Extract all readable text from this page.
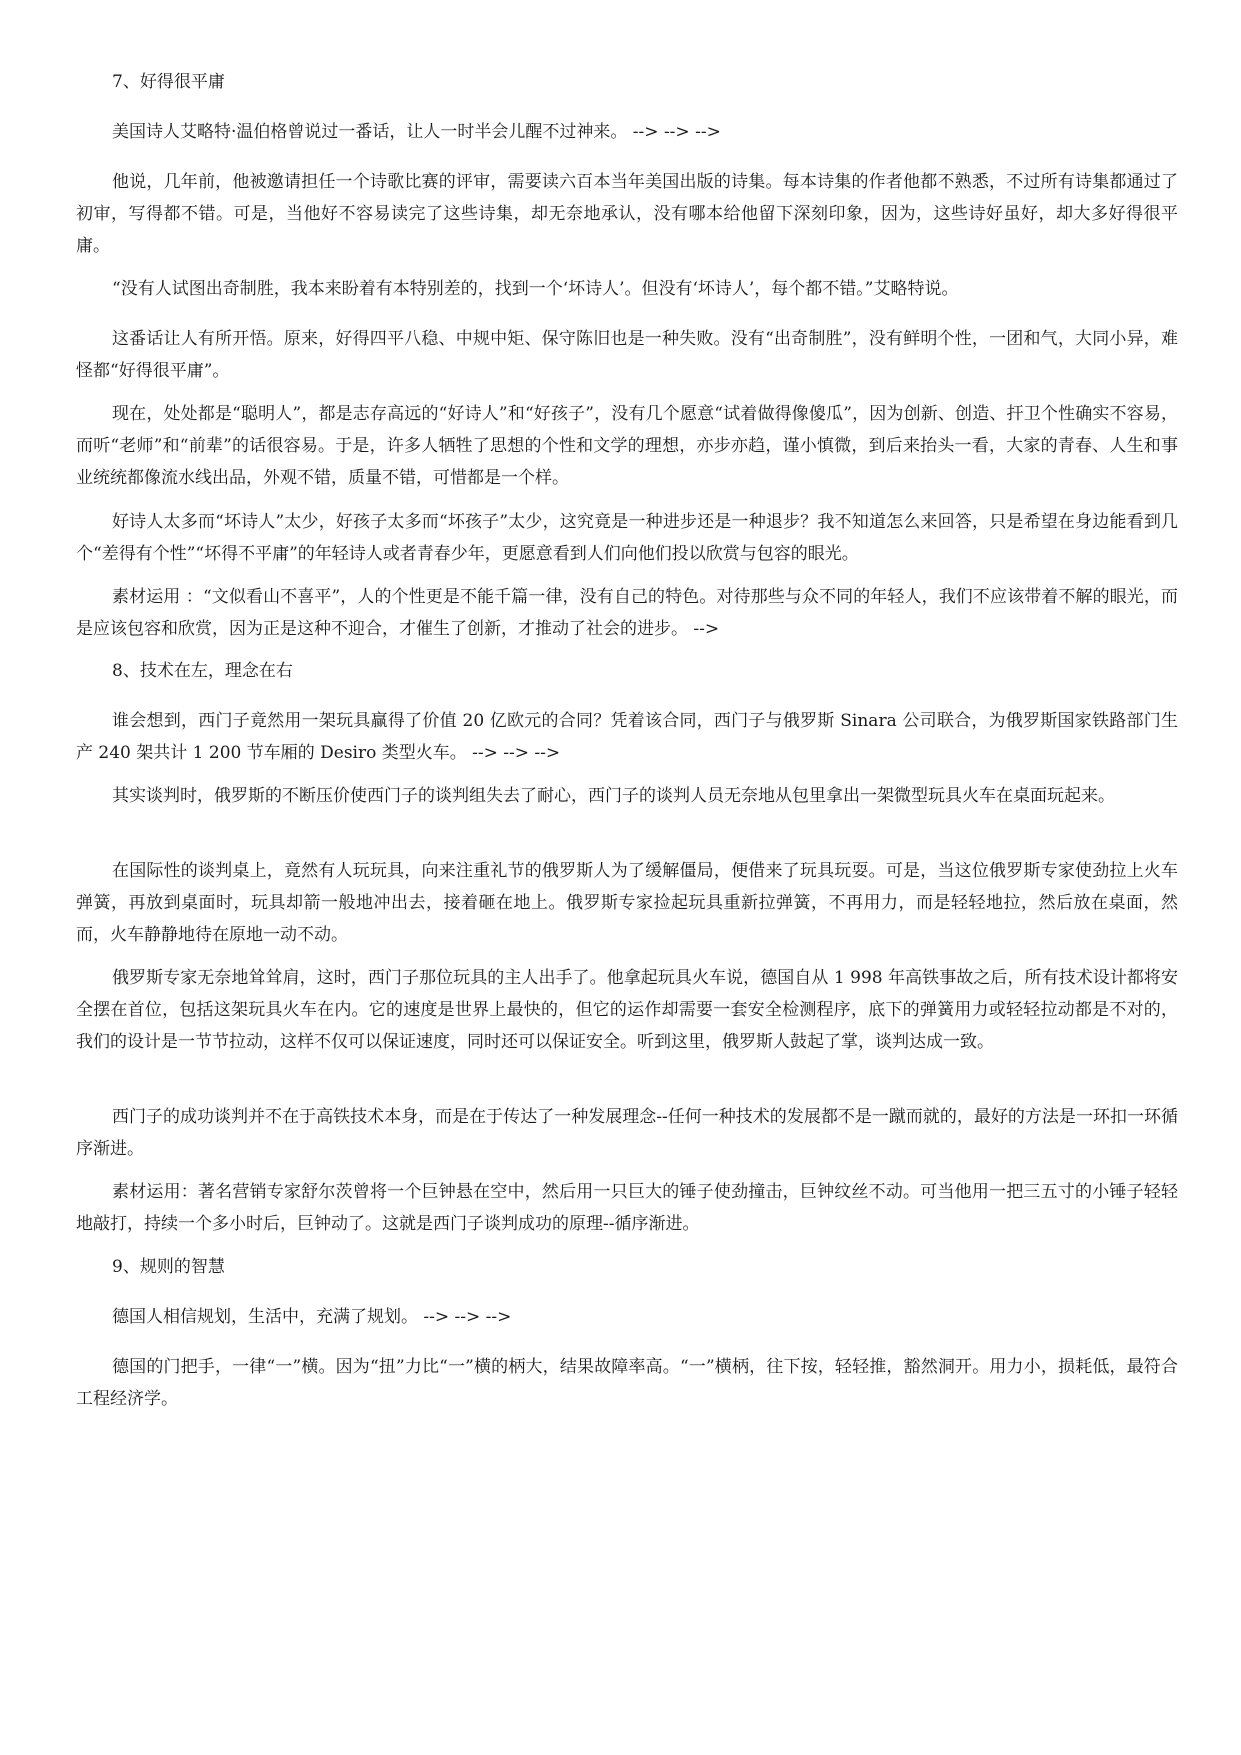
7、好得很平庸

美国诗人艾略特·温伯格曾说过一番话，让人一时半会儿醒不过神来。 --> --> -->

他说，几年前，他被邀请担任一个诗歌比赛的评审，需要读六百本当年美国出版的诗集。每本诗集的作者他都不熟悉，不过所有诗集都通过了初审，写得都不错。可是，当他好不容易读完了这些诗集，却无奈地承认，没有哪本给他留下深刻印象，因为，这些诗好虽好，却大多好得很平庸。

“没有人试图出奇制胜，我本来盼着有本特别差的，找到一个‘坏诗人’。但没有‘坏诗人’，每个都不错。”艾略特说。

这番话让人有所开悟。原来，好得四平八稳、中规中矩、保守陈旧也是一种失败。没有“出奇制胜”，没有鲜明个性，一团和气，大同小异，难怪都“好得很平庸”。

现在，处处都是“聪明人”，都是志存高远的“好诗人”和“好孩子”，没有几个愿意“试着做得像傻瓜”，因为创新、创造、扞卫个性确实不容易，而听“老师”和“前辈”的话很容易。于是，许多人牺牲了思想的个性和文学的理想，亦步亦趋，谨小慎微，到后来抬头一看，大家的青春、人生和事业统统都像流水线出品，外观不错，质量不错，可惜都是一个样。

好诗人太多而“坏诗人”太少，好孩子太多而“坏孩子”太少，这究竟是一种进步还是一种退步？我不知道怎么来回答，只是希望在身边能看到几个“差得有个性”“坏得不平庸”的年轻诗人或者青春少年，更愿意看到人们向他们投以欣赏与包容的眼光。

素材运用 ：“文似看山不喜平”，人的个性更是不能千篇一律，没有自己的特色。对待那些与众不同的年轻人，我们不应该带着不解的眼光，而是应该包容和欣赏，因为正是这种不迎合，才催生了创新，才推动了社会的进步。 -->

8、技术在左，理念在右

谁会想到，西门子竟然用一架玩具赢得了价值 20 亿欧元的合同？凭着该合同，西门子与俄罗斯 Sinara 公司联合，为俄罗斯国家铁路部门生产 240 架共计 1 200 节车厢的 Desiro 类型火车。 --> --> -->

其实谈判时，俄罗斯的不断压价使西门子的谈判组失去了耐心，西门子的谈判人员无奈地从包里拿出一架微型玩具火车在桌面玩起来。

在国际性的谈判桌上，竟然有人玩玩具，向来注重礼节的俄罗斯人为了缓解僵局，便借来了玩具玩耍。可是，当这位俄罗斯专家使劲拉上火车弹簧，再放到桌面时，玩具却箭一般地冲出去，接着砸在地上。俄罗斯专家捡起玩具重新拉弹簧，不再用力，而是轻轻地拉，然后放在桌面，然而，火车静静地待在原地一动不动。

俄罗斯专家无奈地耸耸肩，这时，西门子那位玩具的主人出手了。他拿起玩具火车说，德国自从 1 998 年高铁事故之后，所有技术设计都将安全摆在首位，包括这架玩具火车在内。它的速度是世界上最快的，但它的运作却需要一套安全检测程序，底下的弹簧用力或轻轻拉动都是不对的，我们的设计是一节节拉动，这样不仅可以保证速度，同时还可以保证安全。听到这里，俄罗斯人鼓起了掌，谈判达成一致。

西门子的成功谈判并不在于高铁技术本身，而是在于传达了一种发展理念--任何一种技术的发展都不是一蹴而就的，最好的方法是一环扣一环循序渐进。

素材运用：著名营销专家舒尔茨曾将一个巨钟悬在空中，然后用一只巨大的锤子使劲撞击，巨钟纹丝不动。可当他用一把三五寸的小锤子轻轻地敲打，持续一个多小时后，巨钟动了。这就是西门子谈判成功的原理--循序渐进。

9、规则的智慧

德国人相信规划，生活中，充满了规划。 --> --> -->

德国的门把手，一律“一”横。因为“扭”力比“一”横的柄大，结果故障率高。“一”横柄，往下按，轻轻推，豁然洞开。用力小，损耗低，最符合工程经济学。
